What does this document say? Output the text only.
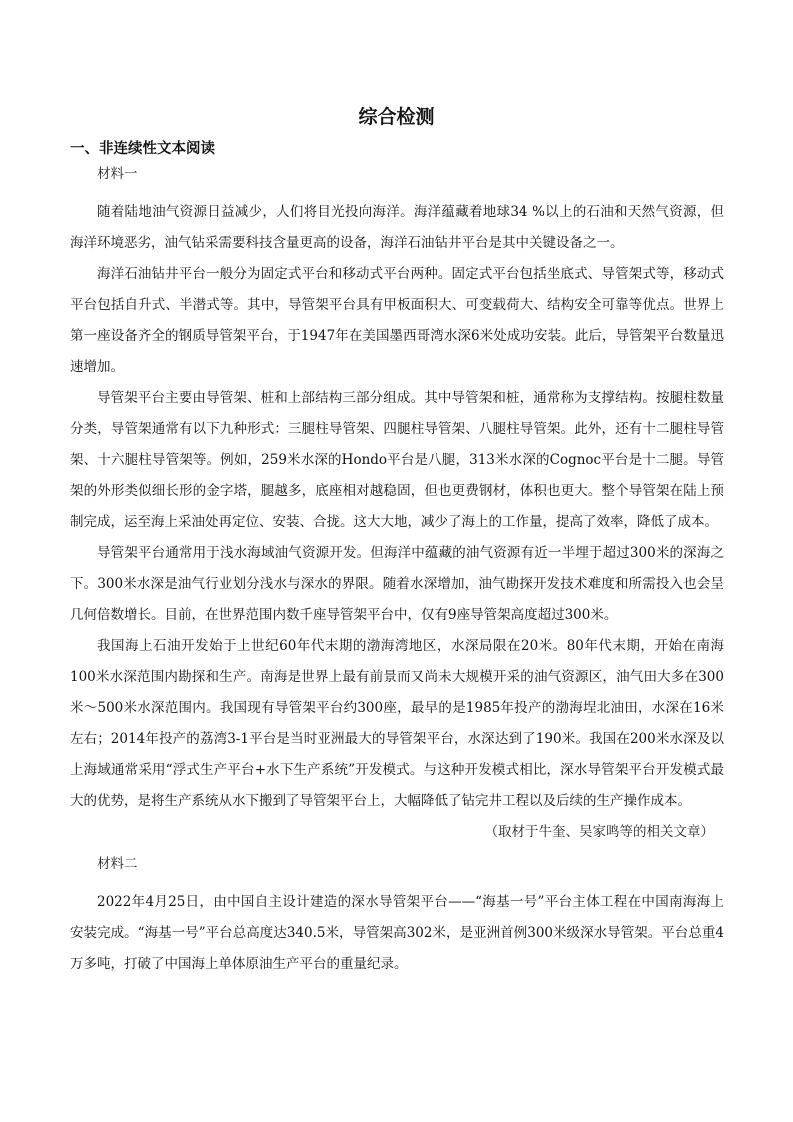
综合检测
一、非连续性文本阅读

材料一

随着陆地油气资源日益减少，人们将目光投向海洋。海洋蕴藏着地球34 %以上的石油和天然气资源，但海洋环境恶劣，油气钻采需要科技含量更高的设备，海洋石油钻井平台是其中关键设备之一。

海洋石油钻井平台一般分为固定式平台和移动式平台两种。固定式平台包括坐底式、导管架式等，移动式平台包括自升式、半潜式等。其中，导管架平台具有甲板面积大、可变载荷大、结构安全可靠等优点。世界上第一座设备齐全的钢质导管架平台，于1947年在美国墨西哥湾水深6米处成功安装。此后，导管架平台数量迅速增加。

导管架平台主要由导管架、桩和上部结构三部分组成。其中导管架和桩，通常称为支撑结构。按腿柱数量分类，导管架通常有以下九种形式：三腿柱导管架、四腿柱导管架、八腿柱导管架。此外，还有十二腿柱导管架、十六腿柱导管架等。例如，259米水深的Hondo平台是八腿，313米水深的Cognoc平台是十二腿。导管架的外形类似细长形的金字塔，腿越多，底座相对越稳固，但也更费钢材，体积也更大。整个导管架在陆上预制完成，运至海上采油处再定位、安装、合拢。这大大地，减少了海上的工作量，提高了效率，降低了成本。

导管架平台通常用于浅水海域油气资源开发。但海洋中蕴藏的油气资源有近一半埋于超过300米的深海之下。300米水深是油气行业划分浅水与深水的界限。随着水深增加，油气勘探开发技术难度和所需投入也会呈几何倍数增长。目前，在世界范围内数千座导管架平台中，仅有9座导管架高度超过300米。

我国海上石油开发始于上世纪60年代末期的渤海湾地区，水深局限在20米。80年代末期，开始在南海100米水深范围内勘探和生产。南海是世界上最有前景而又尚未大规模开采的油气资源区，油气田大多在300 米～500米水深范围内。我国现有导管架平台约300座，最早的是1985年投产的渤海埕北油田，水深在16米左右；2014年投产的荔湾3-1平台是当时亚洲最大的导管架平台，水深达到了190米。我国在200米水深及以上海域通常采用“浮式生产平台+水下生产系统”开发模式。与这种开发模式相比，深水导管架平台开发模式最大的优势，是将生产系统从水下搬到了导管架平台上，大幅降低了钻完井工程以及后续的生产操作成本。

（取材于牛奎、吴家鸣等的相关文章）

材料二

2022年4月25日，由中国自主设计建造的深水导管架平台——“海基一号”平台主体工程在中国南海海上安装完成。“海基一号”平台总高度达340.5米，导管架高302米，是亚洲首例300米级深水导管架。平台总重4万多吨，打破了中国海上单体原油生产平台的重量纪录。
